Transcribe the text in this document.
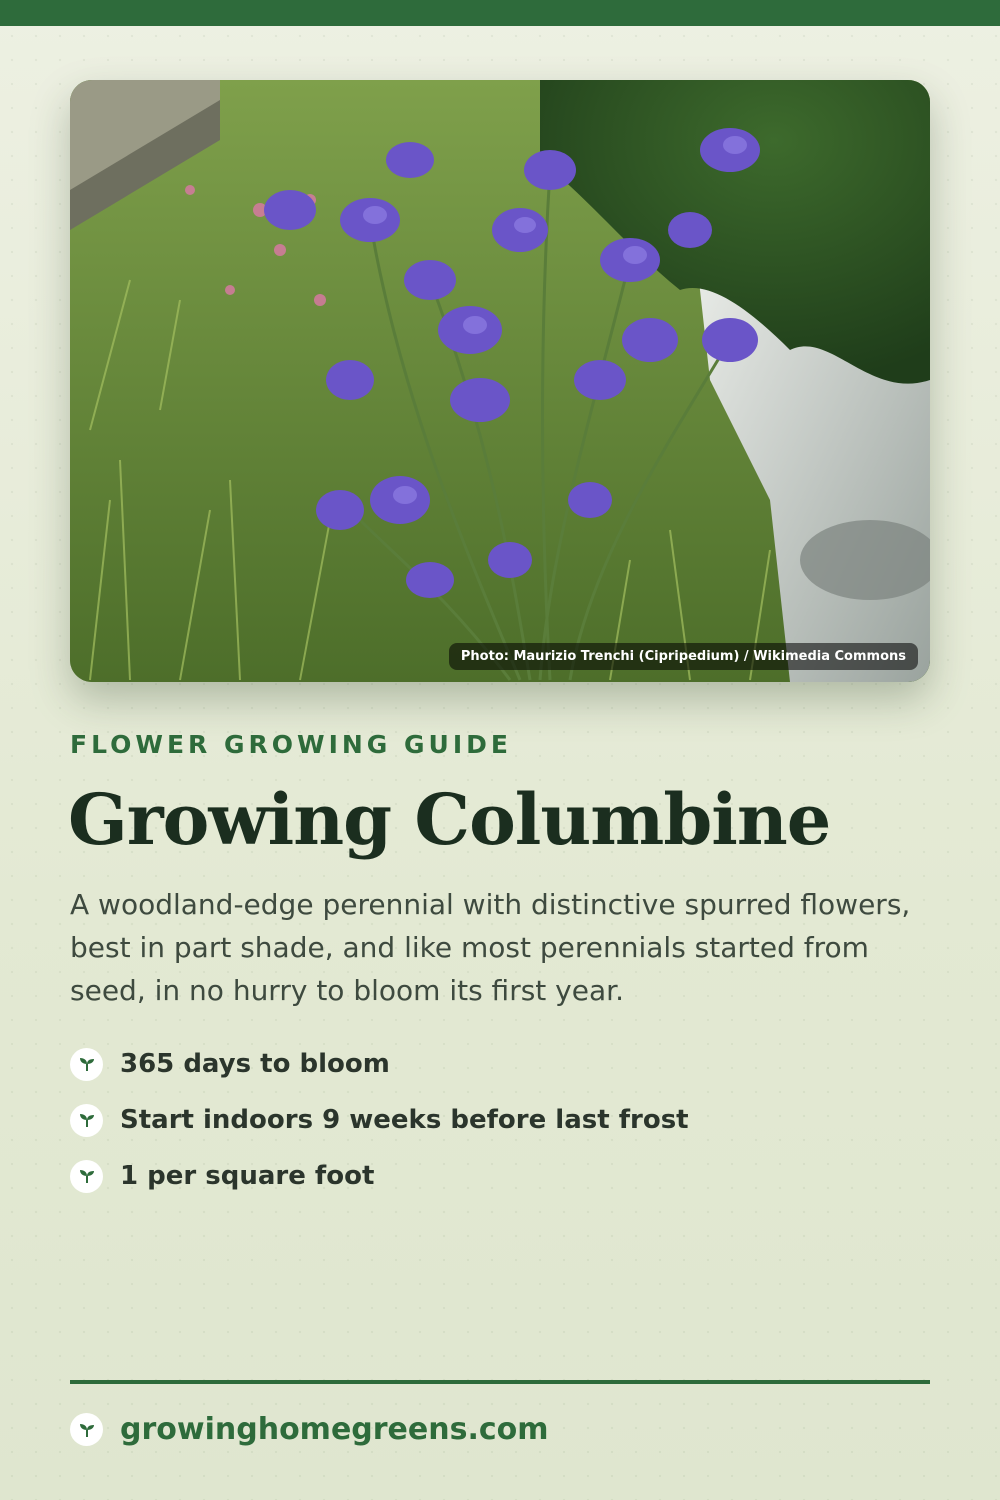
Photo: Maurizio Trenchi (Cipripedium) / Wikimedia Commons
FLOWER GROWING GUIDE
Growing Columbine

A woodland-edge perennial with distinctive spurred flowers, best in part shade, and like most perennials started from seed, in no hurry to bloom its first year.

365 days to bloom
Start indoors 9 weeks before last frost
1 per square foot
growinghomegreens.com
